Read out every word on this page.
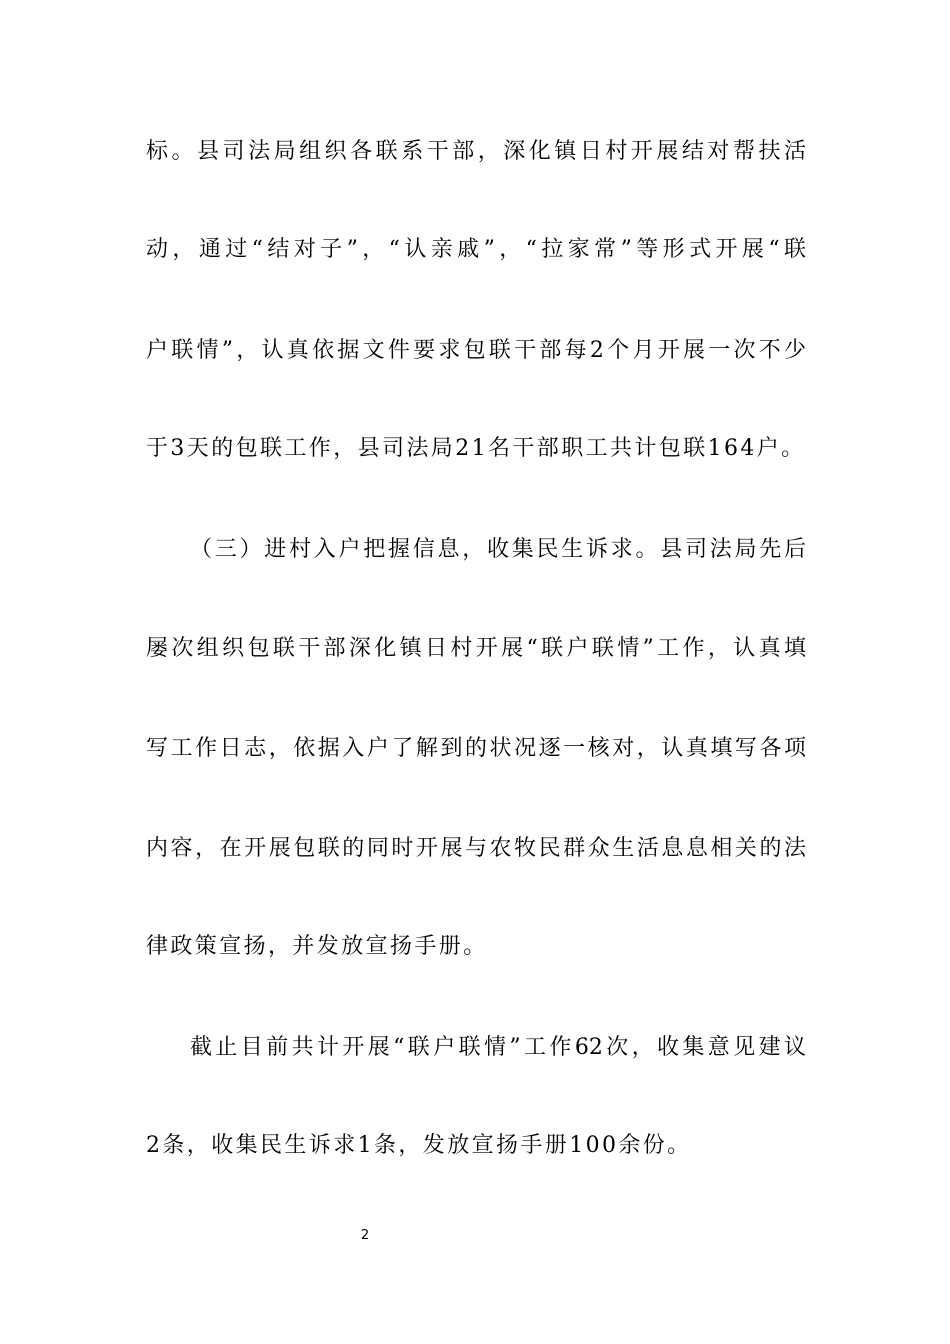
标。县司法局组织各联系干部，深化镇日村开展结对帮扶活
动，通过“结对子”，“认亲戚”，“拉家常”等形式开展“联
户联情”，认真依据文件要求包联干部每2个月开展一次不少
于3天的包联工作，县司法局21名干部职工共计包联164户。
（三）进村入户把握信息，收集民生诉求。县司法局先后
屡次组织包联干部深化镇日村开展“联户联情”工作，认真填
写工作日志，依据入户了解到的状况逐一核对，认真填写各项
内容，在开展包联的同时开展与农牧民群众生活息息相关的法
律政策宣扬，并发放宣扬手册。
截止目前共计开展“联户联情”工作62次，收集意见建议
2条，收集民生诉求1条，发放宣扬手册100余份。
2
